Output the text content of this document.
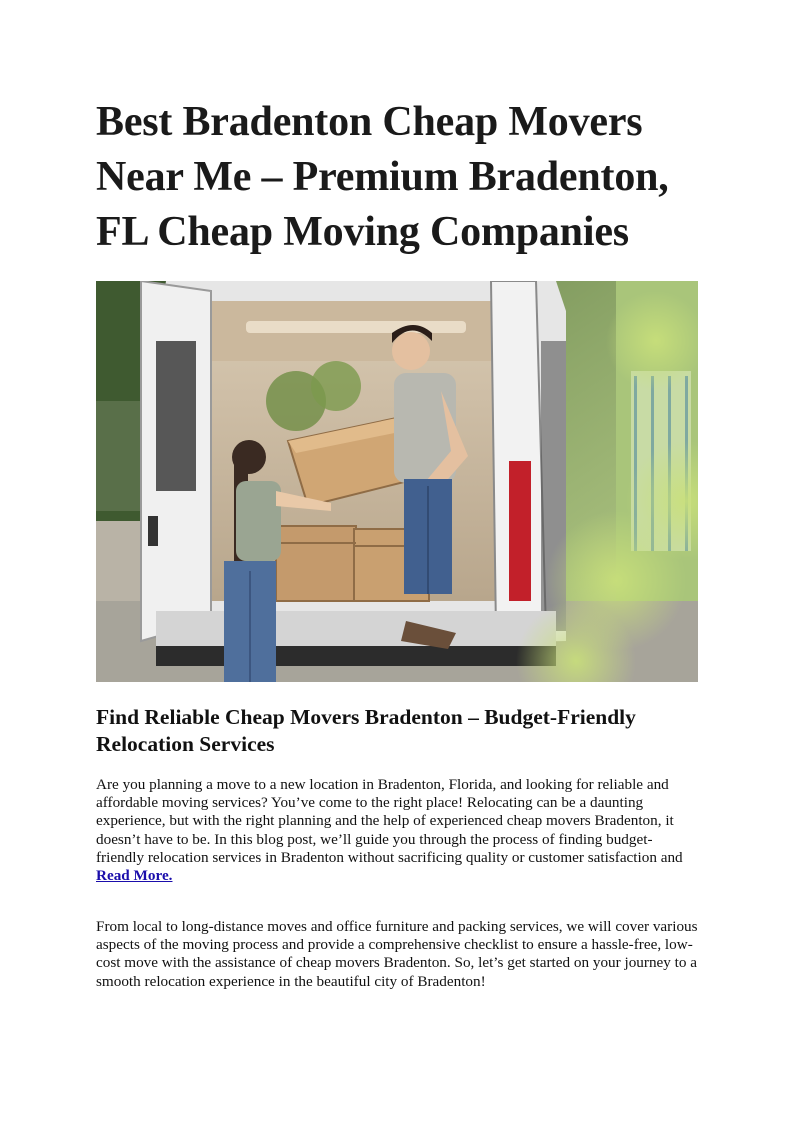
Best Bradenton Cheap Movers Near Me – Premium Bradenton, FL Cheap Moving Companies
Find Reliable Cheap Movers Bradenton – Budget-Friendly Relocation Services

Are you planning a move to a new location in Bradenton, Florida, and looking for reliable and affordable moving services? You’ve come to the right place! Relocating can be a daunting experience, but with the right planning and the help of experienced cheap movers Bradenton, it doesn’t have to be. In this blog post, we’ll guide you through the process of finding budget-friendly relocation services in Bradenton without sacrificing quality or customer satisfaction and Read More.

From local to long-distance moves and office furniture and packing services, we will cover various aspects of the moving process and provide a comprehensive checklist to ensure a hassle-free, low-cost move with the assistance of cheap movers Bradenton. So, let’s get started on your journey to a smooth relocation experience in the beautiful city of Bradenton!
